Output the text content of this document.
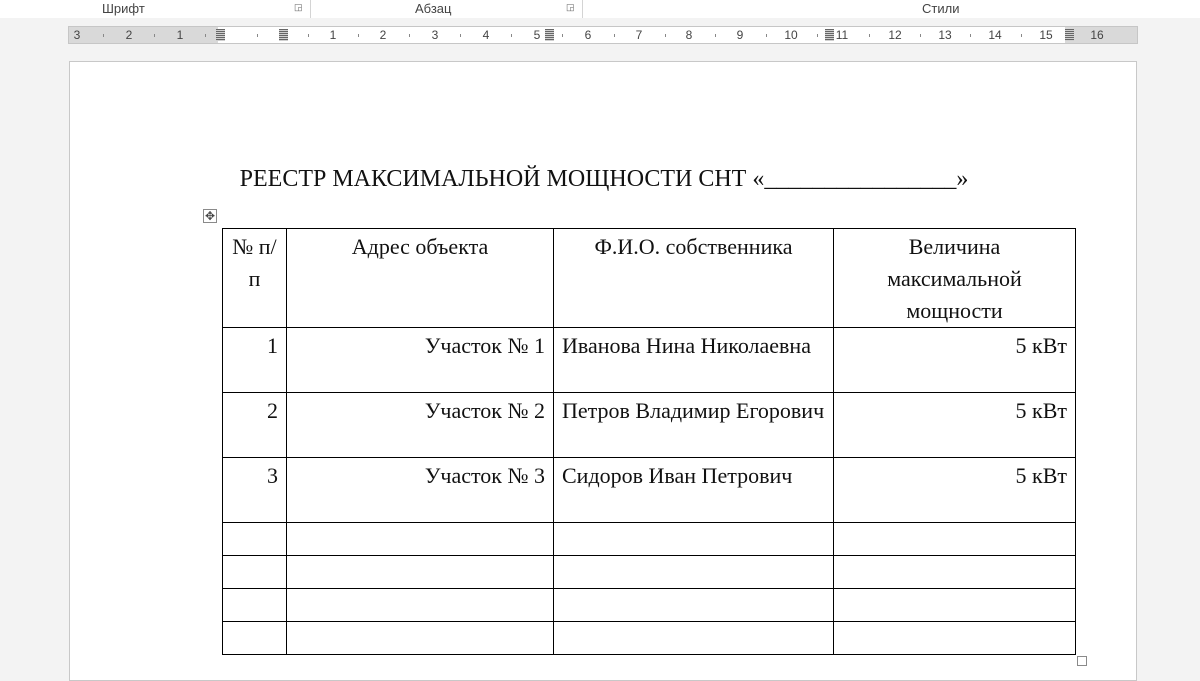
Шрифт	◲	Абзац	◲	Стили
3	2	1	1	2	3	4	5	6	7	8	9	10	11	12	13	14	15	16
РЕЕСТР МАКСИМАЛЬНОЙ МОЩНОСТИ СНТ «________________»
✥
№ п/п	Адрес объекта	Ф.И.О. собственника	Величина максимальной мощности
1	Участок № 1	Иванова Нина Николаевна	5 кВт
2	Участок № 2	Петров Владимир Егорович	5 кВт
3	Участок № 3	Сидоров Иван Петрович	5 кВт
